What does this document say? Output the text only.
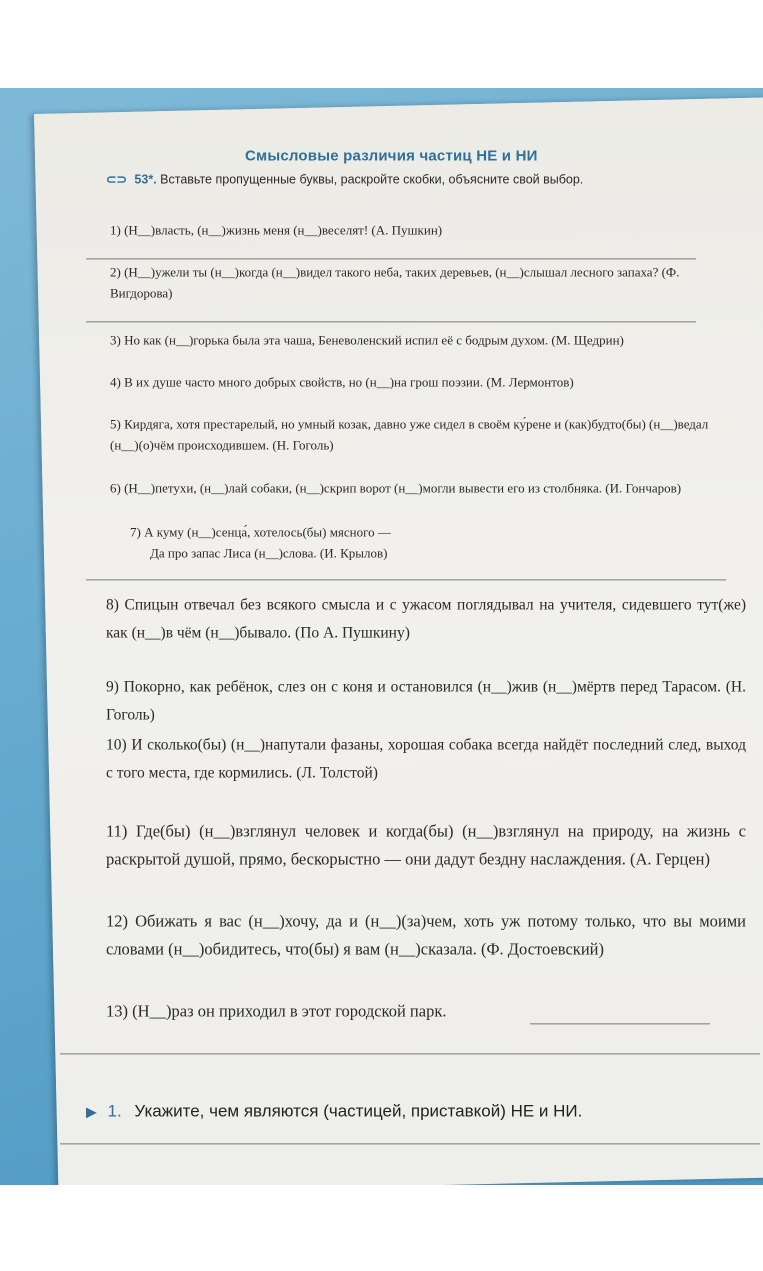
Смысловые различия частиц НЕ и НИ
⊂⊃ 53*. Вставьте пропущенные буквы, раскройте скобки, объясните свой выбор.
1) (Н__)власть, (н__)жизнь меня (н__)веселят! (А. Пушкин)
2) (Н__)ужели ты (н__)когда (н__)видел такого неба, таких деревьев, (н__)слышал лесного запаха? (Ф. Вигдорова)
3) Но как (н__)горька была эта чаша, Беневоленский испил её с бодрым духом. (М. Щедрин)
4) В их душе часто много добрых свойств, но (н__)на грош поэзии. (М. Лермонтов)
5) Кирдяга, хотя престарелый, но умный козак, давно уже сидел в своём ку́рене и (как)будто(бы) (н__)ведал (н__)(о)чём происходившем. (Н. Гоголь)
6) (Н__)петухи, (н__)лай собаки, (н__)скрип ворот (н__)могли вывести его из столбняка. (И. Гончаров)
7) А куму (н__)сенца́, хотелось(бы) мясного —
Да про запас Лиса (н__)слова. (И. Крылов)
8) Спицын отвечал без всякого смысла и с ужасом поглядывал на учителя, сидевшего тут(же) как (н__)в чём (н__)бывало. (По А. Пушкину)
9) Покорно, как ребёнок, слез он с коня и остановился (н__)жив (н__)мёртв перед Тарасом. (Н. Гоголь)
10) И сколько(бы) (н__)напутали фазаны, хорошая собака всегда найдёт последний след, выход с того места, где кормились. (Л. Толстой)
11) Где(бы) (н__)взглянул человек и когда(бы) (н__)взглянул на природу, на жизнь с раскрытой душой, прямо, бескорыстно — они дадут бездну наслаждения. (А. Герцен)
12) Обижать я вас (н__)хочу, да и (н__)(за)чем, хоть уж потому только, что вы моими словами (н__)обидитесь, что(бы) я вам (н__)сказала. (Ф. Достоевский)
13) (Н__)раз он приходил в этот городской парк.
▶ 1. Укажите, чем являются (частицей, приставкой) НЕ и НИ.
